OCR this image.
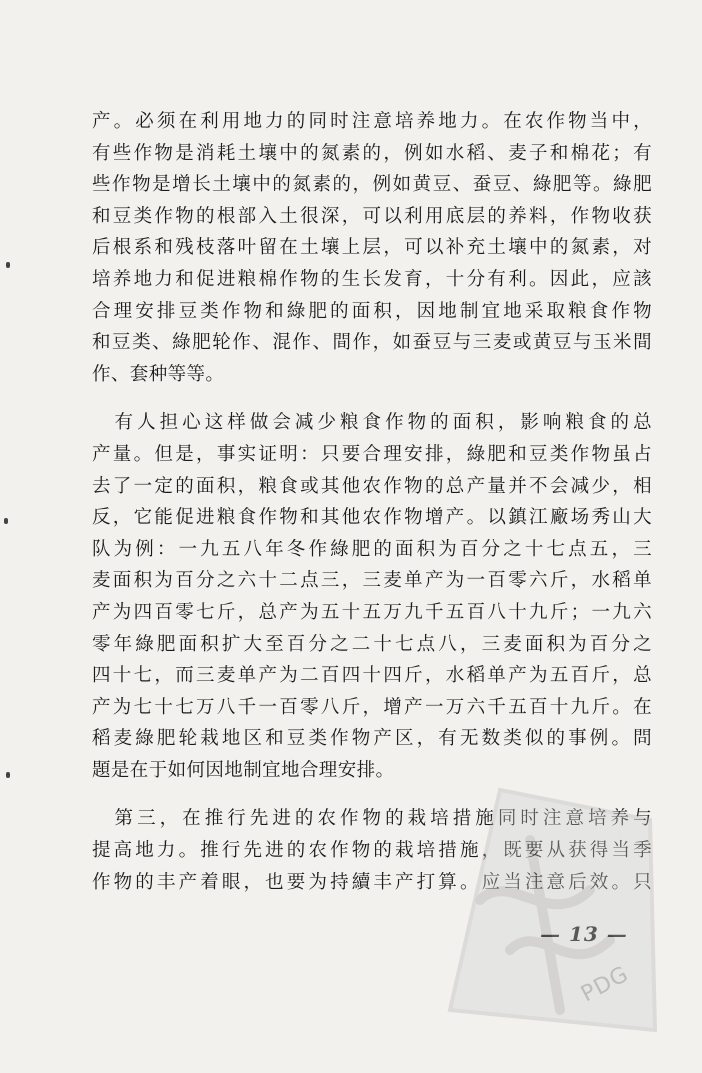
产。必须在利用地力的同时注意培养地力。在农作物当中，
有些作物是消耗土壤中的氮素的，例如水稻、麦子和棉花；有
些作物是增长土壤中的氮素的，例如黄豆、蚕豆、綠肥等。綠肥
和豆类作物的根部入土很深，可以利用底层的养料，作物收获
后根系和残枝落叶留在土壤上层，可以补充土壤中的氮素，对
培养地力和促进粮棉作物的生长发育，十分有利。因此，应該
合理安排豆类作物和綠肥的面积，因地制宜地采取粮食作物
和豆类、綠肥轮作、混作、間作，如蚕豆与三麦或黄豆与玉米間
作、套种等等。
　有人担心这样做会减少粮食作物的面积，影响粮食的总
产量。但是，事实证明：只要合理安排，綠肥和豆类作物虽占
去了一定的面积，粮食或其他农作物的总产量并不会减少，相
反，它能促进粮食作物和其他农作物增产。以鎮江廠场秀山大
队为例：一九五八年冬作綠肥的面积为百分之十七点五，三
麦面积为百分之六十二点三，三麦单产为一百零六斤，水稻单
产为四百零七斤，总产为五十五万九千五百八十九斤；一九六
零年綠肥面积扩大至百分之二十七点八，三麦面积为百分之
四十七，而三麦单产为二百四十四斤，水稻单产为五百斤，总
产为七十七万八千一百零八斤，增产一万六千五百十九斤。在
稻麦綠肥轮栽地区和豆类作物产区，有无数类似的事例。問
題是在于如何因地制宜地合理安排。
　第三，在推行先进的农作物的栽培措施同时注意培养与
提高地力。推行先进的农作物的栽培措施，既要从获得当季
作物的丰产着眼，也要为持續丰产打算。应当注意后效。只
— 13 —
PDG
